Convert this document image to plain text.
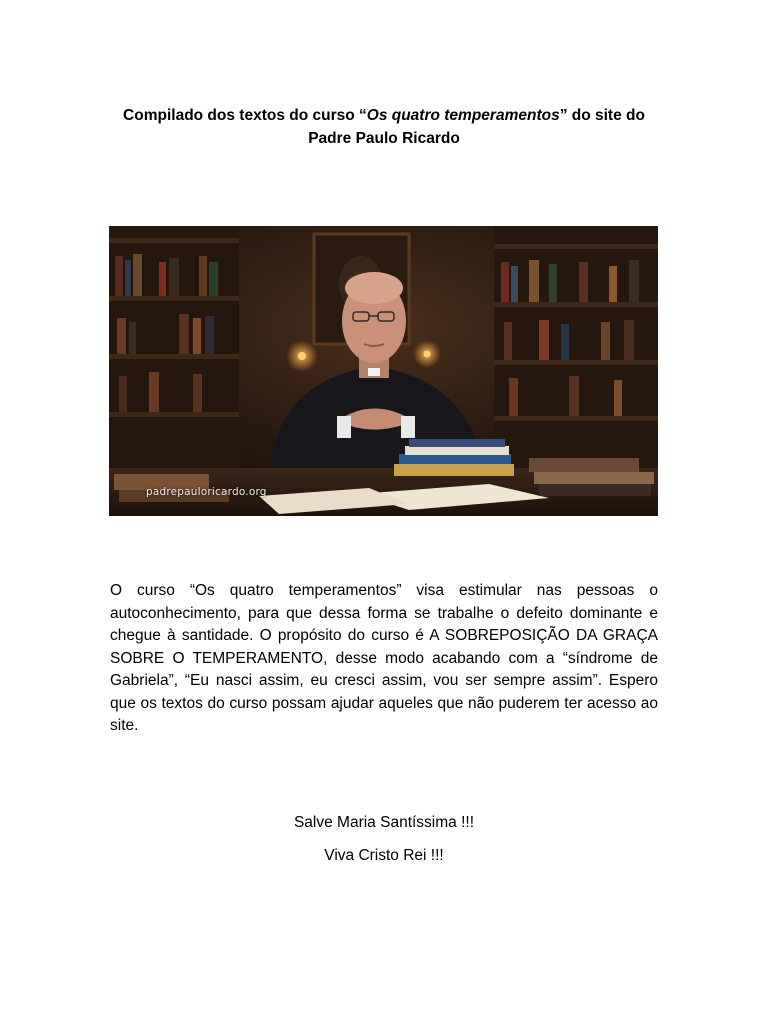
Compilado dos textos do curso “Os quatro temperamentos” do site do
Padre Paulo Ricardo
padrepauloricardo.org

O curso “Os quatro temperamentos” visa estimular nas pessoas o autoconhecimento, para que dessa forma se trabalhe o defeito dominante e chegue à santidade. O propósito do curso é A SOBREPOSIÇÃO DA GRAÇA SOBRE O TEMPERAMENTO, desse modo acabando com a “síndrome de Gabriela”, “Eu nasci assim, eu cresci assim, vou ser sempre assim”. Espero que os textos do curso possam ajudar aqueles que não puderem ter acesso ao site.

Salve Maria Santíssima !!!

Viva Cristo Rei !!!
